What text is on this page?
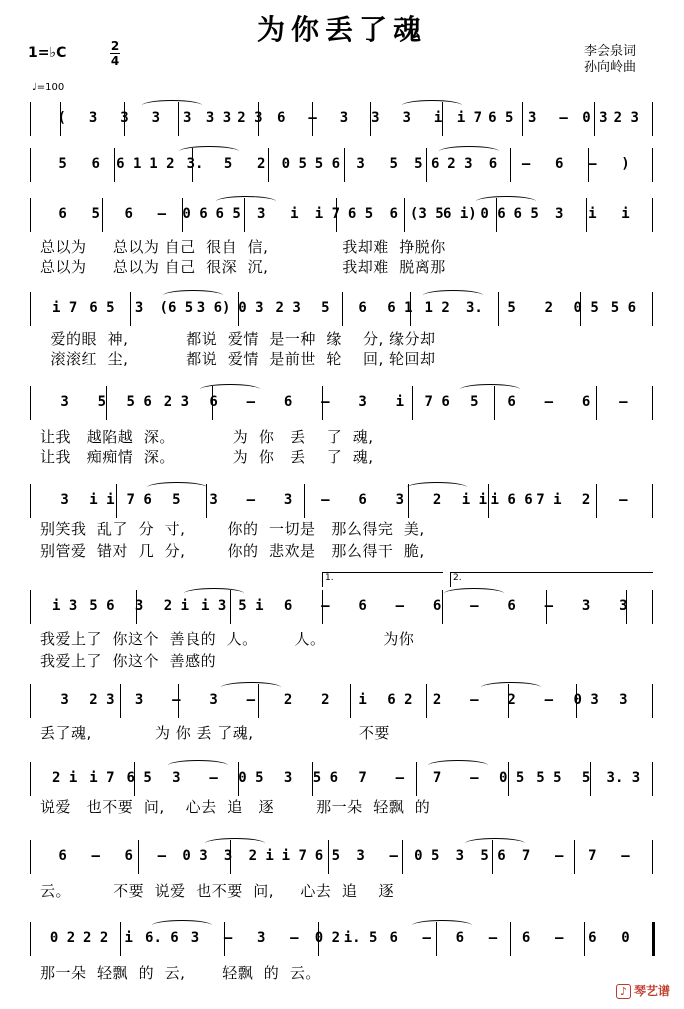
为你丢了魂
李会泉词
孙向岭曲
1=♭C	2
4
♩=100
( 3 3 3 3 3 3 2 3 6 – 3 3 3 i i 7 6 5 3 – 0 3 2 3
5 6 6 1 1 2 3. 5 2 0 5 5 6 3 5 5 6 2 3 6 – 6 – )
6 5 6 – 0 6 6 5 3 i i 7 6 5 6 (3 5 6 i) 0 6 6 5 3 i i
总以为     总以为 自己  很自  信,              我却难  挣脱你
总以为     总以为 自己  很深  沉,              我却难  脱离那
i 7 6 5 3 (6 5 3 6) 0 3 2 3 5 6 6 1 1 2 3. 5 2 0 5 5 6
爱的眼  神,           都说  爱情  是一种  缘    分, 缘分却
滚滚红  尘,           都说  爱情  是前世  轮    回, 轮回却
3 5 5 6 2 3 6 – 6 – 3 i 7 6 5 6 – 6 –
让我   越陷越  深。           为  你   丢    了  魂,
让我   痴痴情  深。           为  你   丢    了  魂,
3 i i 7 6 5 3 – 3 – 6 3 2 i i i 6 6 7 i 2 –
别笑我  乱了  分  寸,        你的  一切是   那么得完  美,
别管爱  错对  几  分,        你的  悲欢是   那么得干  脆,
i 3 5 6 3 2 i i 3 5 i 6 – 6 – 6 – 6 – 3 3
1.	2.
我爱上了  你这个  善良的  人。       人。           为你
我爱上了  你这个  善感的
3 2 3 3 – 3 – 2 2 i 6 2 2 – 2 – 0 3 3
丢了魂,            为 你 丢 了魂,                    不要
2 i i 7 6 5 3 – 0 5 3 5 6 7 – 7 – 0 5 5 5 5 3. 3
说爱   也不要  问,    心去  追   逐        那一朵  轻飘  的
6 – 6 – 0 3 3 2 i i 7 6 5 3 – 0 5 3 5 6 7 – 7 –
云。        不要  说爱  也不要  问,     心去  追    逐
0 2 2 2 i 6. 6 3 – 3 – 0 2 i. 5 6 – 6 – 6 – 6 0
那一朵  轻飘  的  云,       轻飘  的  云。
♪ 琴艺谱
